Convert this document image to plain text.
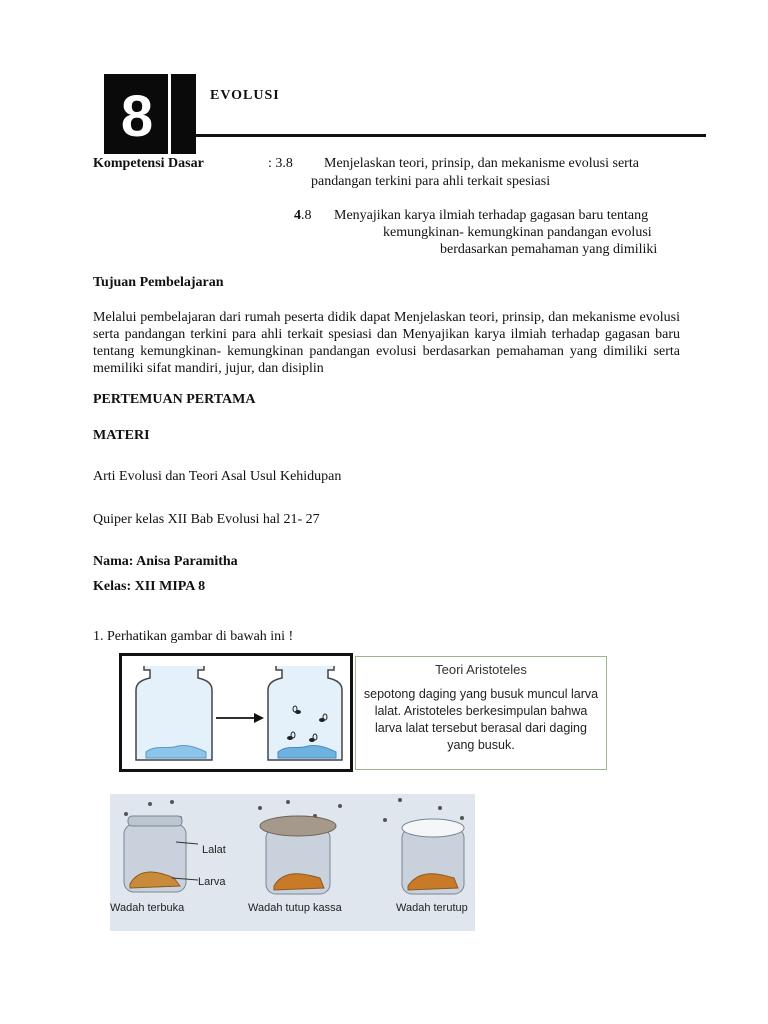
8	EVOLUSI
Kompetensi Dasar	: 3.8 Menjelaskan teori, prinsip, dan mekanisme evolusi serta
pandangan terkini para ahli terkait spesiasi
4.8 Menyajikan karya ilmiah terhadap gagasan baru tentang
kemungkinan- kemungkinan pandangan evolusi
berdasarkan pemahaman yang dimiliki
Tujuan Pembelajaran
Melalui pembelajaran dari rumah peserta didik dapat Menjelaskan teori, prinsip, dan mekanisme evolusi serta pandangan terkini para ahli terkait spesiasi dan Menyajikan karya ilmiah terhadap gagasan baru tentang kemungkinan- kemungkinan pandangan evolusi berdasarkan pemahaman yang dimiliki serta memiliki sifat mandiri, jujur, dan disiplin
PERTEMUAN PERTAMA
MATERI
Arti Evolusi dan Teori Asal Usul Kehidupan
Quiper kelas XII Bab Evolusi hal 21- 27
Nama: Anisa Paramitha
Kelas: XII MIPA 8
1. Perhatikan gambar di bawah ini !
Teori Aristoteles
sepotong daging yang busuk muncul larva lalat. Aristoteles berkesimpulan bahwa larva lalat tersebut berasal dari daging yang busuk.
Lalat
Larva
Wadah terbuka	Wadah tutup kassa	Wadah terutup
